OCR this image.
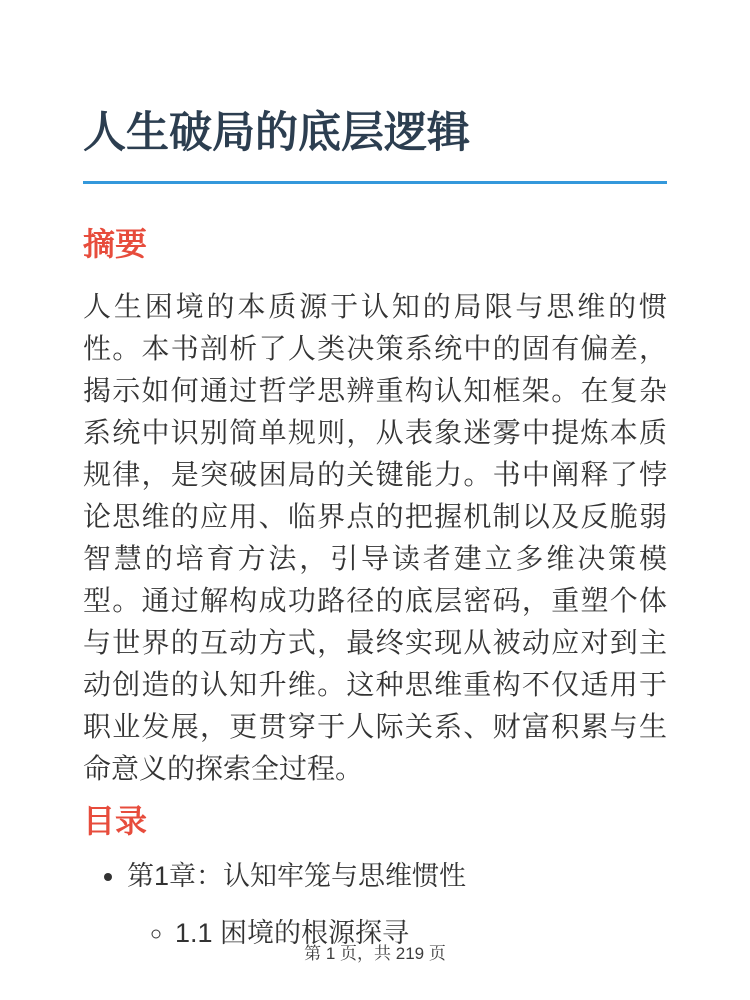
人生破局的底层逻辑
摘要

人生困境的本质源于认知的局限与思维的惯性。本书剖析了人类决策系统中的固有偏差，揭示如何通过哲学思辨重构认知框架。在复杂系统中识别简单规则，从表象迷雾中提炼本质规律，是突破困局的关键能力。书中阐释了悖论思维的应用、临界点的把握机制以及反脆弱智慧的培育方法，引导读者建立多维决策模型。通过解构成功路径的底层密码，重塑个体与世界的互动方式，最终实现从被动应对到主动创造的认知升维。这种思维重构不仅适用于职业发展，更贯穿于人际关系、财富积累与生命意义的探索全过程。

目录
• 第1章：认知牢笼与思维惯性
◦ 1.1 困境的根源探寻
第 1 页，共 219 页
